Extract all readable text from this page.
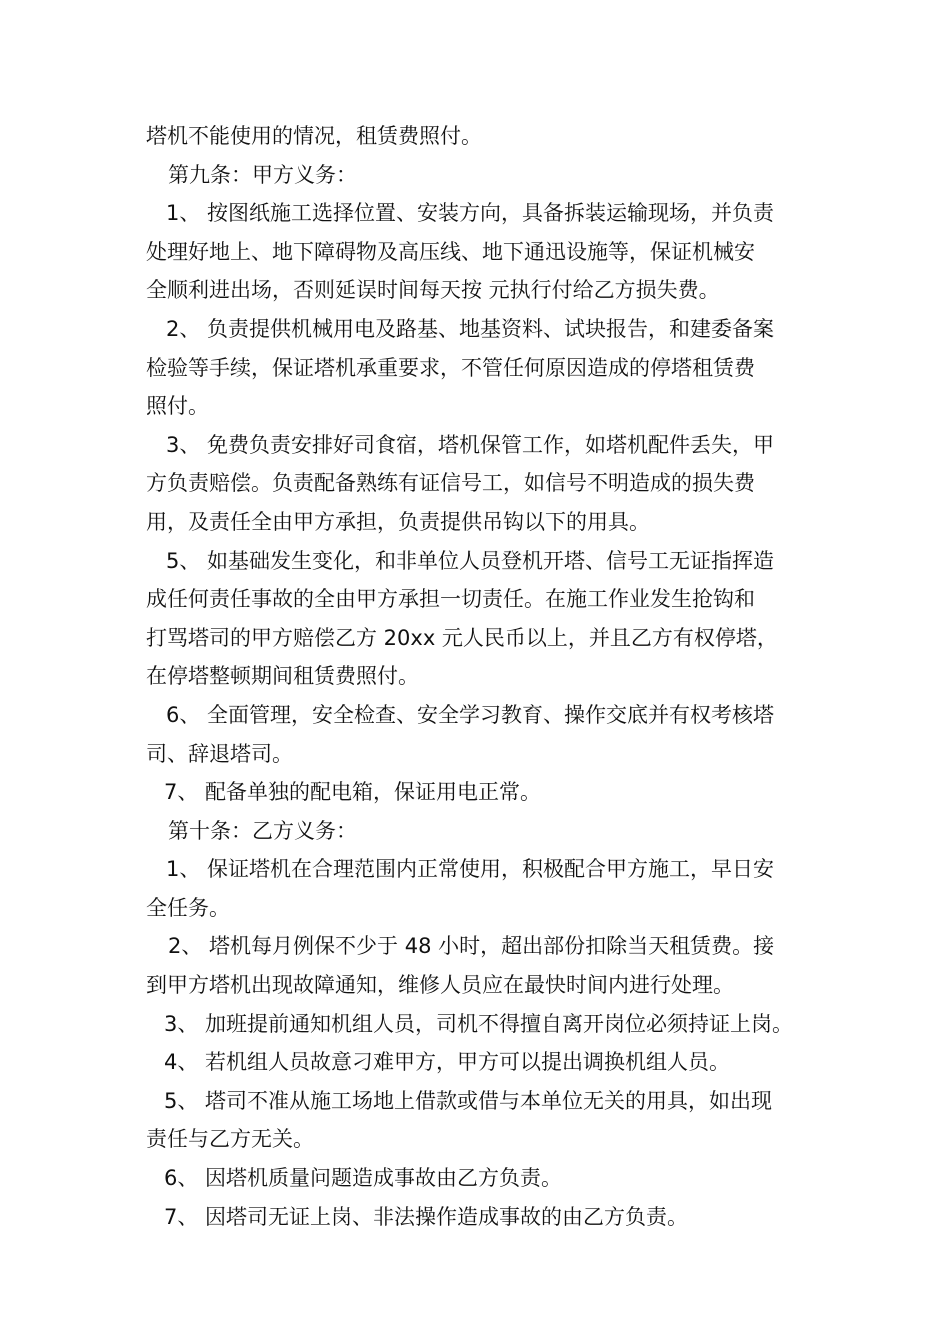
塔机不能使用的情况，租赁费照付。
第九条：甲方义务：
1、 按图纸施工选择位置、安装方向，具备拆装运输现场，并负责
处理好地上、地下障碍物及高压线、地下通迅设施等，保证机械安
全顺利进出场，否则延误时间每天按 元执行付给乙方损失费。
2、 负责提供机械用电及路基、地基资料、试块报告，和建委备案
检验等手续，保证塔机承重要求，不管任何原因造成的停塔租赁费
照付。
3、 免费负责安排好司食宿，塔机保管工作，如塔机配件丢失，甲
方负责赔偿。负责配备熟练有证信号工，如信号不明造成的损失费
用，及责任全由甲方承担，负责提供吊钩以下的用具。
5、 如基础发生变化，和非单位人员登机开塔、信号工无证指挥造
成任何责任事故的全由甲方承担一切责任。在施工作业发生抢钩和
打骂塔司的甲方赔偿乙方 20xx 元人民币以上，并且乙方有权停塔，
在停塔整顿期间租赁费照付。
6、 全面管理，安全检查、安全学习教育、操作交底并有权考核塔
司、辞退塔司。
7、 配备单独的配电箱，保证用电正常。
第十条：乙方义务：
1、 保证塔机在合理范围内正常使用，积极配合甲方施工，早日安
全任务。
2、 塔机每月例保不少于 48 小时，超出部份扣除当天租赁费。接
到甲方塔机出现故障通知，维修人员应在最快时间内进行处理。
3、 加班提前通知机组人员，司机不得擅自离开岗位必须持证上岗。
4、 若机组人员故意刁难甲方，甲方可以提出调换机组人员。
5、 塔司不准从施工场地上借款或借与本单位无关的用具，如出现
责任与乙方无关。
6、 因塔机质量问题造成事故由乙方负责。
7、 因塔司无证上岗、非法操作造成事故的由乙方负责。
